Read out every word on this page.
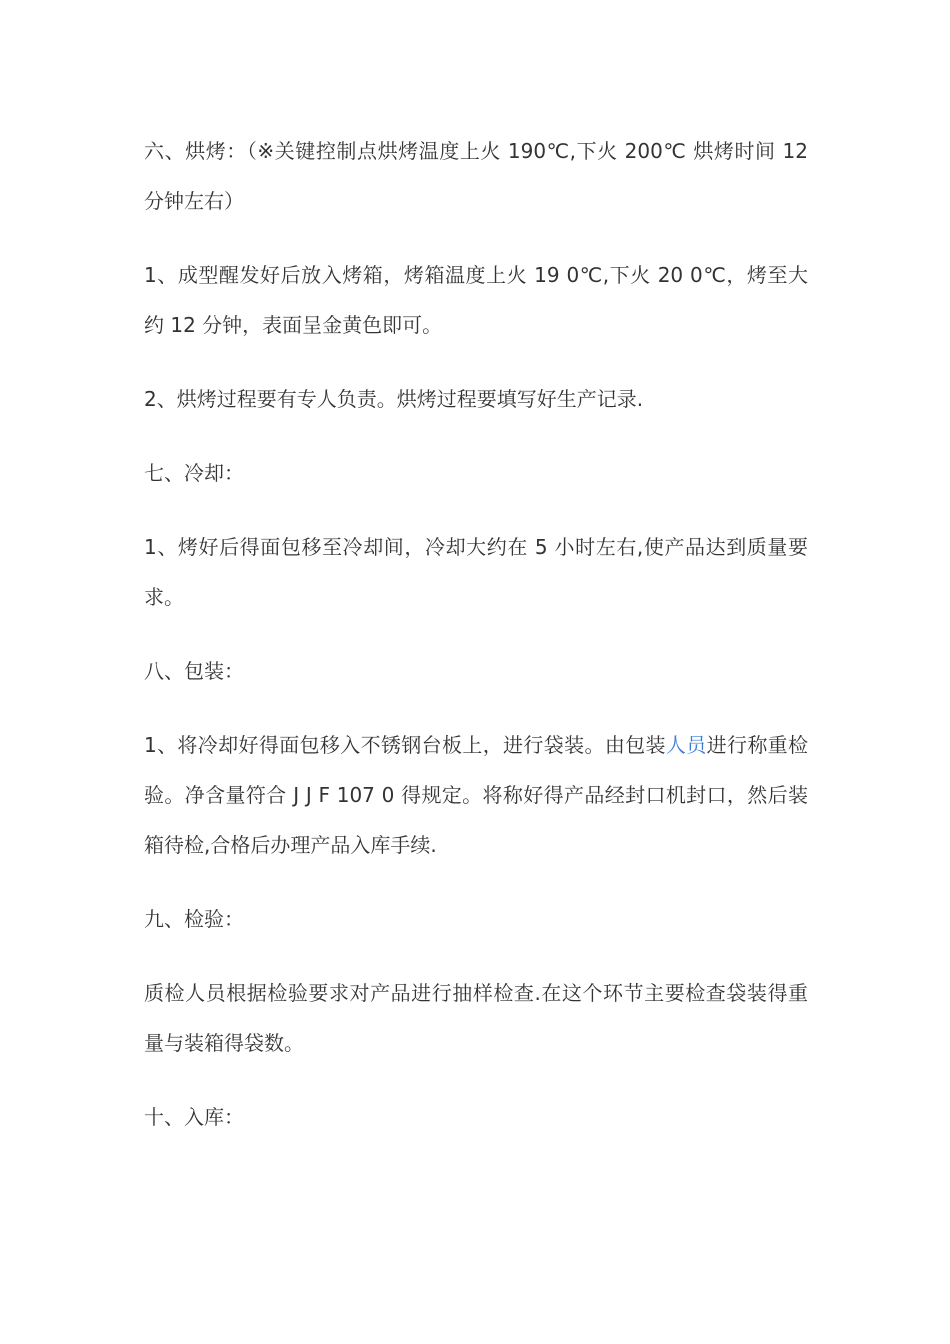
六、烘烤：（※关键控制点烘烤温度上火 190℃,下火 200℃ 烘烤时间 12 分钟左右）

1、成型醒发好后放入烤箱，烤箱温度上火 19 0℃,下火 20 0℃，烤至大约 12 分钟，表面呈金黄色即可。

2、烘烤过程要有专人负责。烘烤过程要填写好生产记录.

七、冷却：

1、烤好后得面包移至冷却间，冷却大约在 5 小时左右,使产品达到质量要求。

八、包装：

1、将冷却好得面包移入不锈钢台板上，进行袋装。由包装人员进行称重检验。净含量符合 J J F 107 0 得规定。将称好得产品经封口机封口，然后装箱待检,合格后办理产品入库手续.

九、检验：

质检人员根据检验要求对产品进行抽样检查.在这个环节主要检查袋装得重量与装箱得袋数。

十、入库：
